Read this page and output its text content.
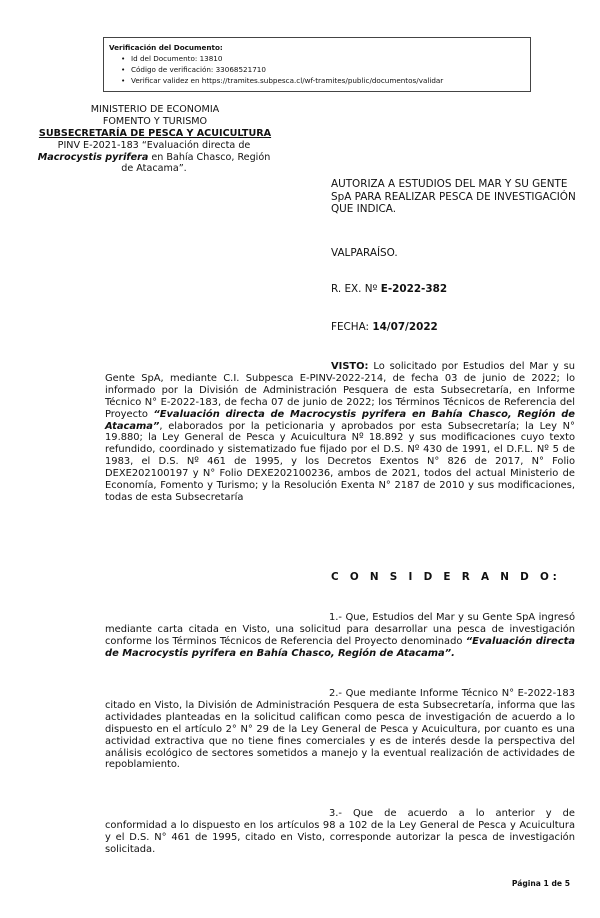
Verificación del Documento:
• Id del Documento: 13810
• Código de verificación: 33068521710
• Verificar validez en https://tramites.subpesca.cl/wf-tramites/public/documentos/validar
MINISTERIO DE ECONOMIA
FOMENTO Y TURISMO
SUBSECRETARÍA DE PESCA Y ACUICULTURA
PINV E-2021-183 “Evaluación directa de
Macrocystis pyrifera en Bahía Chasco, Región de Atacama”.
AUTORIZA A ESTUDIOS DEL MAR Y SU GENTE SpA PARA REALIZAR PESCA DE INVESTIGACIÓN QUE INDICA.
VALPARAÍSO.
R. EX. Nº E-2022-382
FECHA: 14/07/2022
VISTO: Lo solicitado por Estudios del Mar y su Gente SpA, mediante C.I. Subpesca E-PINV-2022-214, de fecha 03 de junio de 2022; lo informado por la División de Administración Pesquera de esta Subsecretaría, en Informe Técnico N° E-2022-183, de fecha 07 de junio de 2022; los Términos Técnicos de Referencia del Proyecto “Evaluación directa de Macrocystis pyrifera en Bahía Chasco, Región de Atacama”, elaborados por la peticionaria y aprobados por esta Subsecretaría; la Ley N° 19.880; la Ley General de Pesca y Acuicultura Nº 18.892 y sus modificaciones cuyo texto refundido, coordinado y sistematizado fue fijado por el D.S. Nº 430 de 1991, el D.F.L. Nº 5 de 1983, el D.S. Nº 461 de 1995, y los Decretos Exentos N° 826 de 2017, N° Folio DEXE202100197 y N° Folio DEXE202100236, ambos de 2021, todos del actual Ministerio de Economía, Fomento y Turismo; y la Resolución Exenta N° 2187 de 2010 y sus modificaciones, todas de esta Subsecretaría
C O N S I D E R A N D O:
1.- Que, Estudios del Mar y su Gente SpA ingresó mediante carta citada en Visto, una solicitud para desarrollar una pesca de investigación conforme los Términos Técnicos de Referencia del Proyecto denominado “Evaluación directa de Macrocystis pyrifera en Bahía Chasco, Región de Atacama”.
2.- Que mediante Informe Técnico N° E-2022-183 citado en Visto, la División de Administración Pesquera de esta Subsecretaría, informa que las actividades planteadas en la solicitud califican como pesca de investigación de acuerdo a lo dispuesto en el artículo 2° N° 29 de la Ley General de Pesca y Acuicultura, por cuanto es una actividad extractiva que no tiene fines comerciales y es de interés desde la perspectiva del análisis ecológico de sectores sometidos a manejo y la eventual realización de actividades de repoblamiento.
3.- Que de acuerdo a lo anterior y de conformidad a lo dispuesto en los artículos 98 a 102 de la Ley General de Pesca y Acuicultura y el D.S. N° 461 de 1995, citado en Visto, corresponde autorizar la pesca de investigación solicitada.
Página 1 de 5
